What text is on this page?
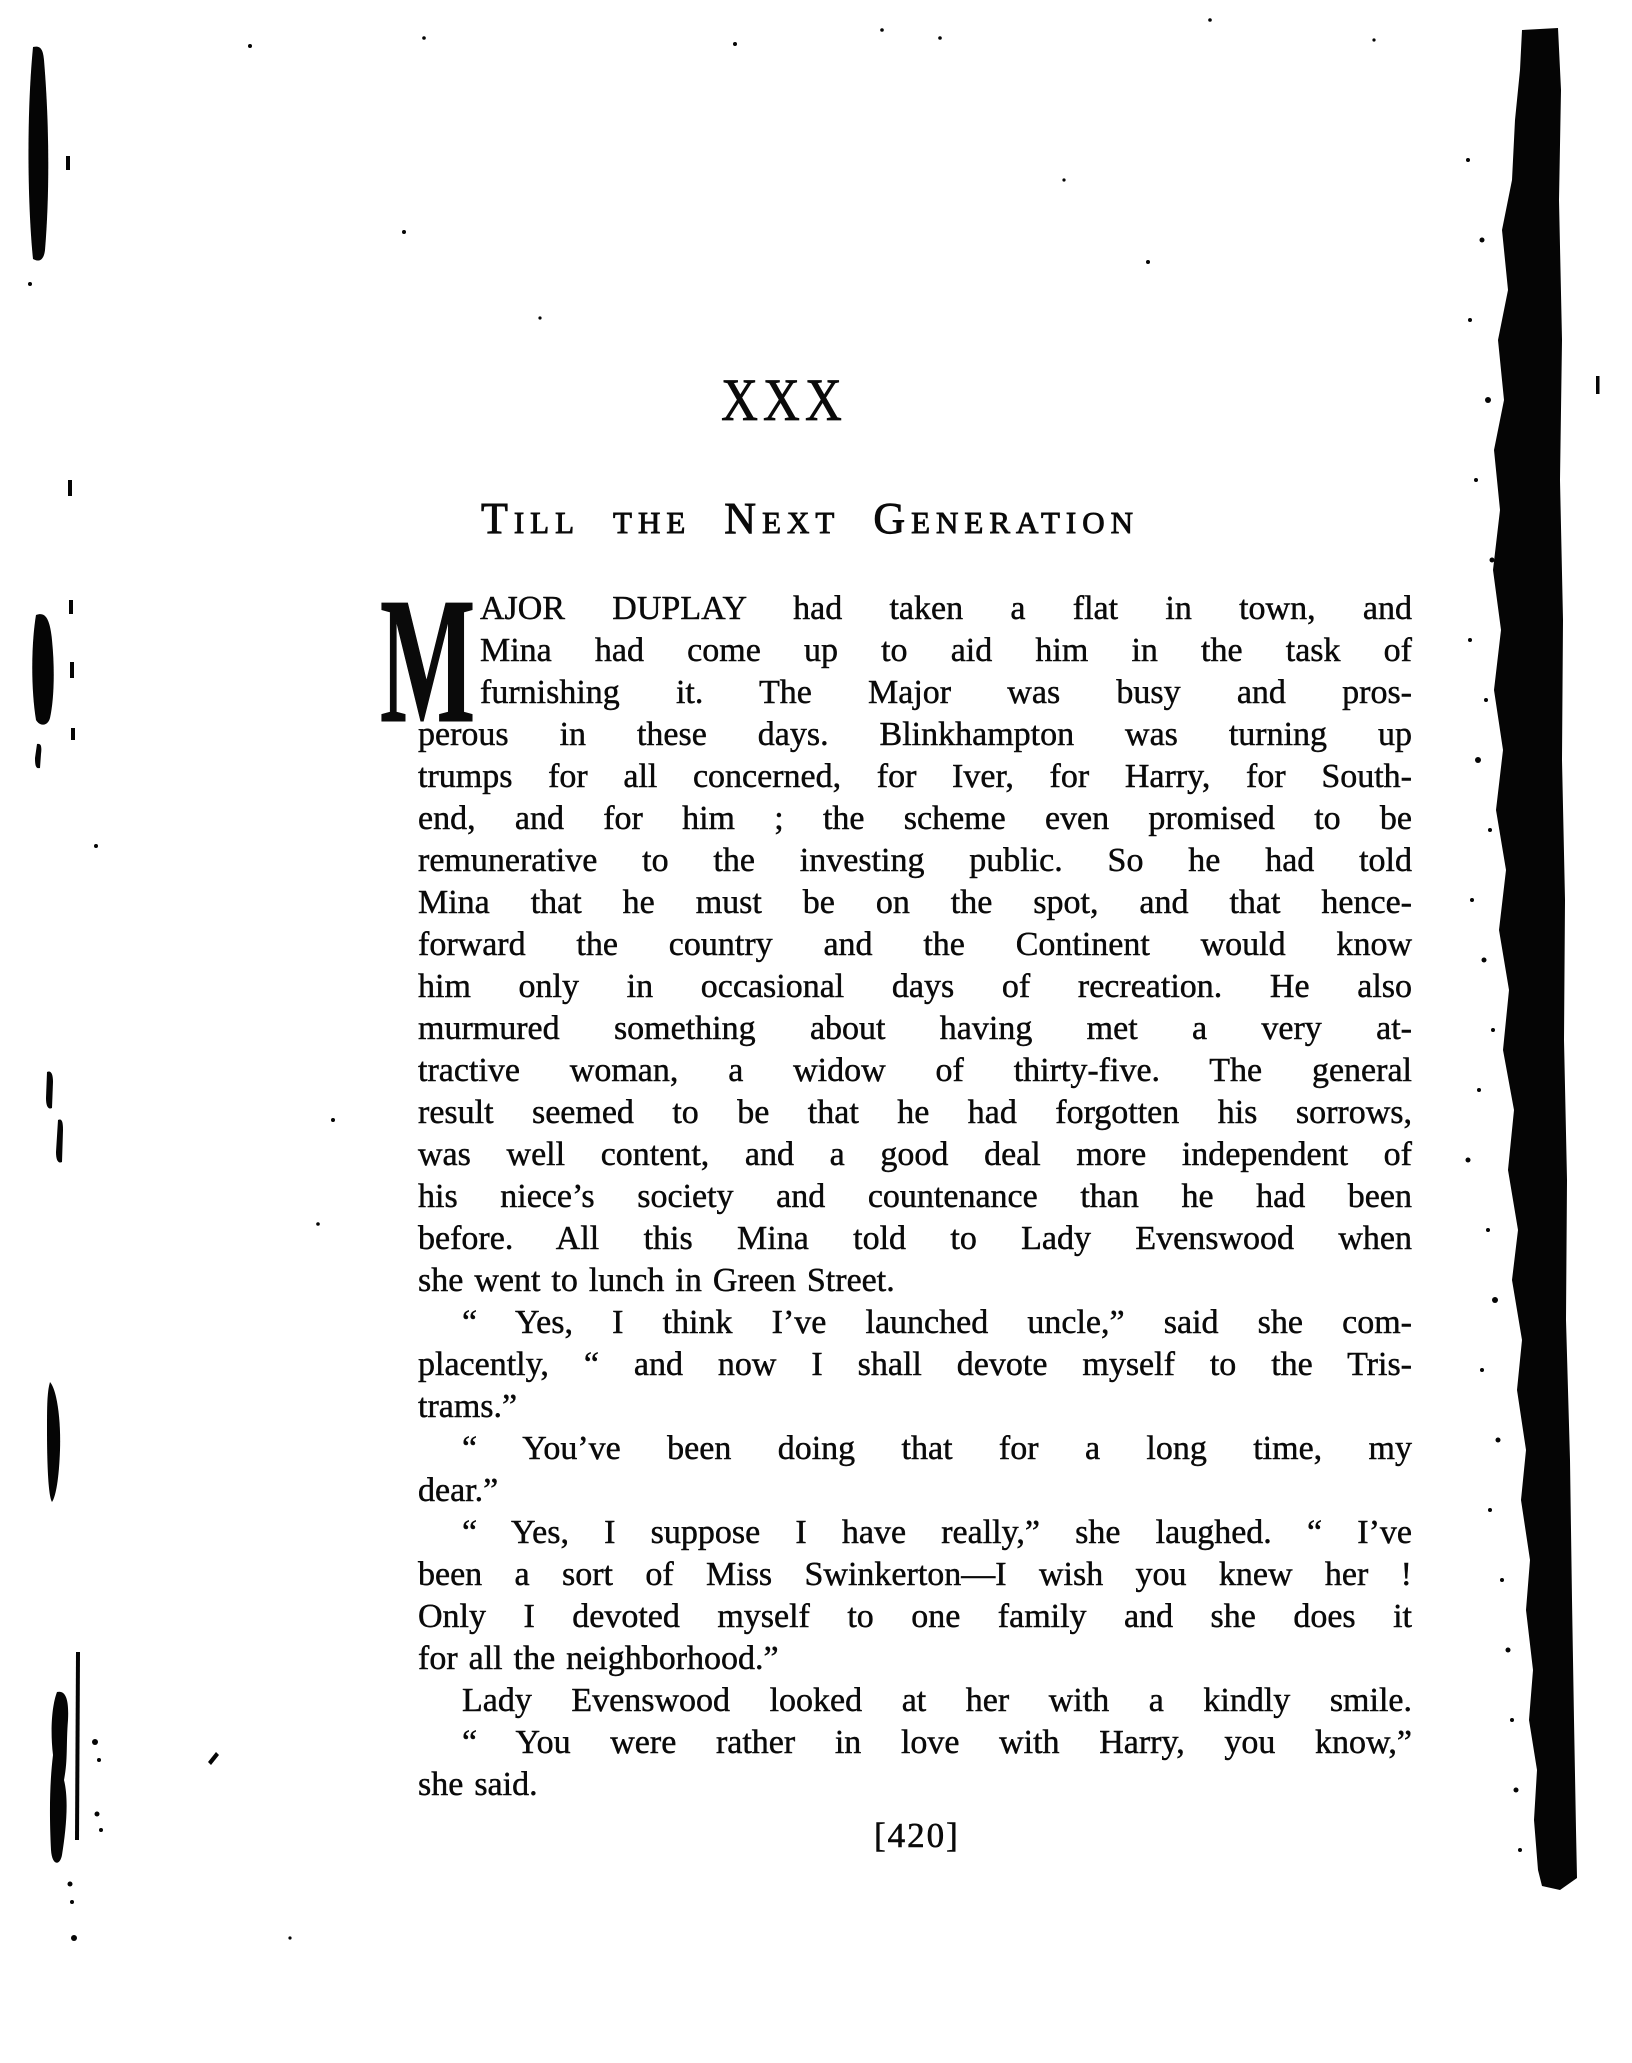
XXX
Till the Next Generation
M AJOR DUPLAY had taken a flat in town, and
Mina had come up to aid him in the task of
furnishing it. The Major was busy and pros-
perous in these days. Blinkhampton was turning up
trumps for all concerned, for Iver, for Harry, for South-
end, and for him ; the scheme even promised to be
remunerative to the investing public. So he had told
Mina that he must be on the spot, and that hence-
forward the country and the Continent would know
him only in occasional days of recreation. He also
murmured something about having met a very at-
tractive woman, a widow of thirty-five. The general
result seemed to be that he had forgotten his sorrows,
was well content, and a good deal more independent of
his niece’s society and countenance than he had been
before. All this Mina told to Lady Evenswood when
she went to lunch in Green Street.
“ Yes, I think I’ve launched uncle,” said she com-
placently, “ and now I shall devote myself to the Tris-
trams.”
“ You’ve been doing that for a long time, my
dear.”
“ Yes, I suppose I have really,” she laughed. “ I’ve
been a sort of Miss Swinkerton—I wish you knew her !
Only I devoted myself to one family and she does it
for all the neighborhood.”
Lady Evenswood looked at her with a kindly smile.
“ You were rather in love with Harry, you know,”
she said.
[420]
